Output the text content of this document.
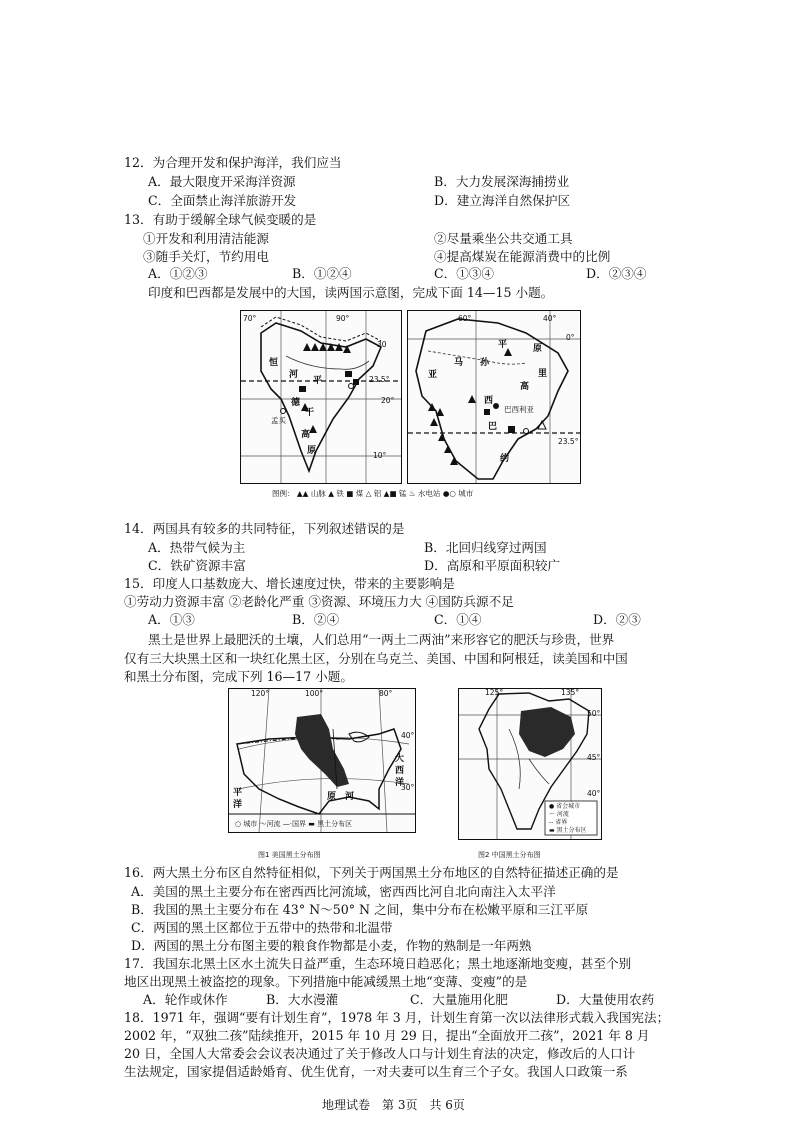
12．为合理开发和保护海洋，我们应当
A．最大限度开采海洋资源	B．大力发展深海捕捞业
C．全面禁止海洋旅游开发	D．建立海洋自然保护区
13．有助于缓解全球气候变暖的是
①开发和利用清洁能源	②尽量乘坐公共交通工具
③随手关灯，节约用电	④提高煤炭在能源消费中的比例
A．①②③	B．①②④	C．①③④	D．②③④
印度和巴西都是发展中的大国，读两国示意图，完成下面 14—15 小题。
70°	90°
30
23.5°
20°
10°
恒
河
平
德
干
高
原
孟买
60°	40°
0°
23.5°
亚
马 孙
平	原
高
西
巴西利亚
巴
里
约
图例： ▲▲ 山脉 ▲ 铁 ■ 煤 △ 铝 ▲■ 锰 ♨ 水电站 ●○ 城市
14．两国具有较多的共同特征，下列叙述错误的是
A．热带气候为主	B．北回归线穿过两国
C．铁矿资源丰富	D．高原和平原面积较广
15．印度人口基数庞大、增长速度过快，带来的主要影响是
①劳动力资源丰富 ②老龄化严重 ③资源、环境压力大 ④国防兵源不足
A．①③	B．②④	C．①④	D．②③
黑土是世界上最肥沃的土壤，人们总用“一两土二两油”来形容它的肥沃与珍贵，世界
仅有三大块黑土区和一块红化黑土区，分别在乌克兰、美国、中国和阿根廷，读美国和中国
和黑土分布图，完成下列 16—17 小题。
120°	100°	80°
40°
30°
大
西
洋
平
洋
原 河
○ 城市 ～河流 —·国界 ▬ 黑土分布区
图1 美国黑土分布图
125°	135°
50°
45°
40°
● 省会城市
～ 河流
-- 省界
▬ 黑土分布区
图2 中国黑土分布图
16．两大黑土分布区自然特征相似，下列关于两国黑土分布地区的自然特征描述正确的是
A．美国的黑土主要分布在密西西比河流域，密西西比河自北向南注入太平洋
B．我国的黑土主要分布在 43° N～50° N 之间，集中分布在松嫩平原和三江平原
C．两国的黑土区都位于五带中的热带和北温带
D．两国的黑土分布图主要的粮食作物都是小麦，作物的熟制是一年两熟
17．我国东北黑土区水土流失日益严重，生态环境日趋恶化；黑土地逐渐地变瘦，甚至个别
地区出现黑土被盗挖的现象。下列措施中能减缓黑土地“变薄、变瘦”的是
A．轮作或休作	B．大水漫灌	C．大量施用化肥	D．大量使用农药
18．1971 年，强调“要有计划生育”，1978 年 3 月，计划生育第一次以法律形式载入我国宪法；
2002 年，“双独二孩”陆续推开，2015 年 10 月 29 日，提出“全面放开二孩”，2021 年 8 月
20 日，全国人大常委会会议表决通过了关于修改人口与计划生育法的决定，修改后的人口计
生法规定，国家提倡适龄婚育、优生优育，一对夫妻可以生育三个子女。我国人口政策一系
地理试卷　第 3页　共 6页
